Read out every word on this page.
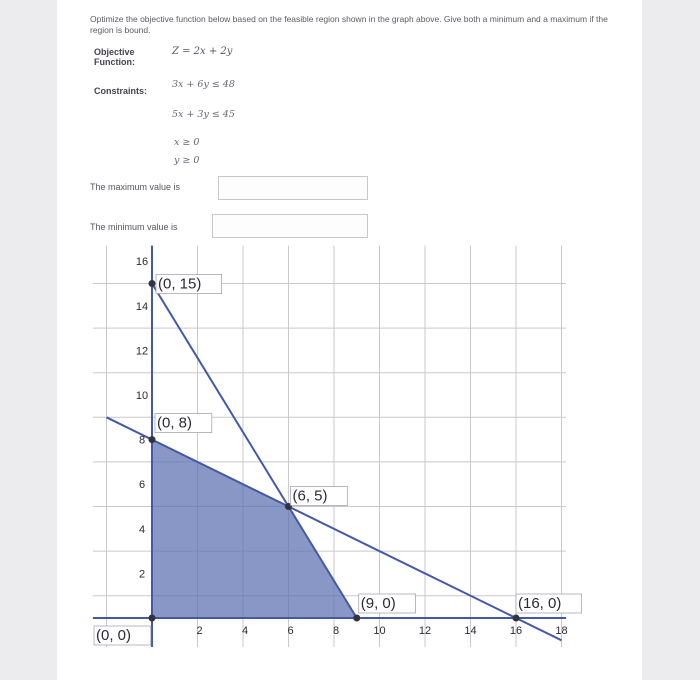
Optimize the objective function below based on the feasible region shown in the graph above. Give both a minimum and a maximum if the region is bound.
Objective Function:
Z = 2x + 2y
Constraints:
3x + 6y ≤ 48
5x + 3y ≤ 45
x ≥ 0
y ≥ 0
The maximum value is
The minimum value is
2	4	6	8	10	12	14	16	18
2
4
6
8
10
12
14
16
(0, 15)
(0, 8)
(6, 5)
(9, 0)	(16, 0)
(0, 0)
